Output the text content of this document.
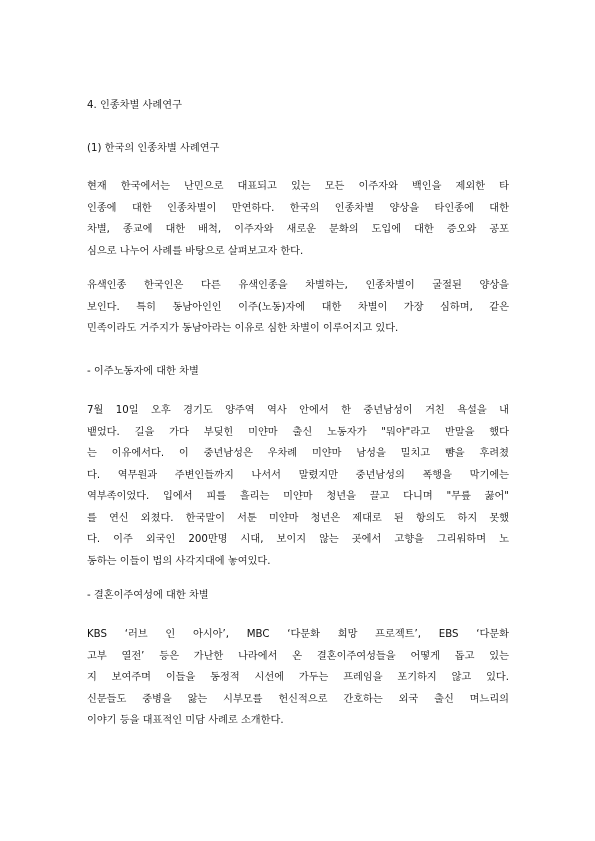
4. 인종차별 사례연구
(1) 한국의 인종차별 사례연구
현재 한국에서는 난민으로 대표되고 있는 모든 이주자와 백인을 제외한 타
인종에 대한 인종차별이 만연하다. 한국의 인종차별 양상을 타인종에 대한
차별, 종교에 대한 배척, 이주자와 새로운 문화의 도입에 대한 증오와 공포
심으로 나누어 사례를 바탕으로 살펴보고자 한다.
유색인종 한국인은 다른 유색인종을 차별하는, 인종차별이 굴절된 양상을
보인다. 특히 동남아인인 이주(노동)자에 대한 차별이 가장 심하며, 같은
민족이라도 거주지가 동남아라는 이유로 심한 차별이 이루어지고 있다.
- 이주노동자에 대한 차별
7월 10일 오후 경기도 양주역 역사 안에서 한 중년남성이 거친 욕설을 내
뱉었다. 길을 가다 부딪힌 미얀마 출신 노동자가 "뭐야"라고 반말을 했다
는 이유에서다. 이 중년남성은 우차례 미얀마 남성을 밀치고 뺨을 후려쳤
다. 역무원과 주변인들까지 나서서 말렸지만 중년남성의 폭행을 막기에는
역부족이었다. 입에서 피를 흘리는 미얀마 청년을 끌고 다니며 "무릎 꿇어"
를 연신 외쳤다. 한국말이 서툰 미얀마 청년은 제대로 된 항의도 하지 못했
다. 이주 외국인 200만명 시대, 보이지 않는 곳에서 고향을 그리워하며 노
동하는 이들이 법의 사각지대에 놓여있다.
- 결혼이주여성에 대한 차별
KBS ‘러브 인 아시아’, MBC ‘다문화 희망 프로젝트’, EBS ‘다문화
고부 열전’ 등은 가난한 나라에서 온 결혼이주여성들을 어떻게 돕고 있는
지 보여주며 이들을 동정적 시선에 가두는 프레임을 포기하지 않고 있다.
신문들도 중병을 앓는 시부모를 헌신적으로 간호하는 외국 출신 며느리의
이야기 등을 대표적인 미담 사례로 소개한다.
